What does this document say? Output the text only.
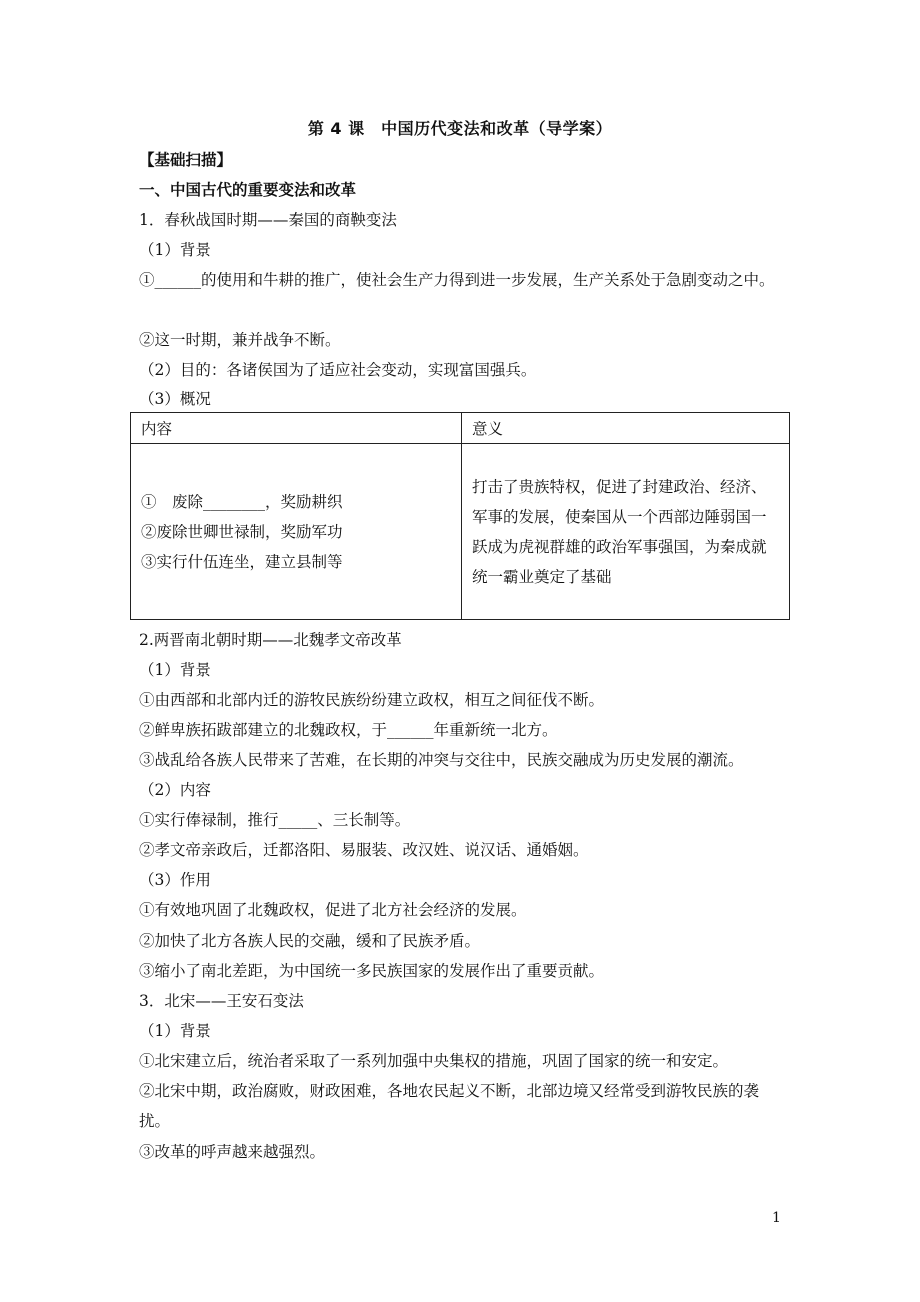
第 4 课　中国历代变法和改革（导学案）
【基础扫描】
一、中国古代的重要变法和改革
1．春秋战国时期——秦国的商鞅变法
（1）背景
①______的使用和牛耕的推广，使社会生产力得到进一步发展，生产关系处于急剧变动之中。
②这一时期，兼并战争不断。
（2）目的：各诸侯国为了适应社会变动，实现富国强兵。
（3）概况
内容	意义

①　废除________，奖励耕织
②废除世卿世禄制，奖励军功
③实行什伍连坐，建立县制等	打击了贵族特权，促进了封建政治、经济、军事的发展，使秦国从一个西部边陲弱国一跃成为虎视群雄的政治军事强国，为秦成就统一霸业奠定了基础
2.两晋南北朝时期——北魏孝文帝改革
（1）背景
①由西部和北部内迁的游牧民族纷纷建立政权，相互之间征伐不断。
②鲜卑族拓跋部建立的北魏政权，于______年重新统一北方。
③战乱给各族人民带来了苦难，在长期的冲突与交往中，民族交融成为历史发展的潮流。
（2）内容
①实行俸禄制，推行_____、三长制等。
②孝文帝亲政后，迁都洛阳、易服装、改汉姓、说汉话、通婚姻。
（3）作用
①有效地巩固了北魏政权，促进了北方社会经济的发展。
②加快了北方各族人民的交融，缓和了民族矛盾。
③缩小了南北差距，为中国统一多民族国家的发展作出了重要贡献。
3．北宋——王安石变法
（1）背景
①北宋建立后，统治者采取了一系列加强中央集权的措施，巩固了国家的统一和安定。
②北宋中期，政治腐败，财政困难，各地农民起义不断，北部边境又经常受到游牧民族的袭扰。
③改革的呼声越来越强烈。
1
